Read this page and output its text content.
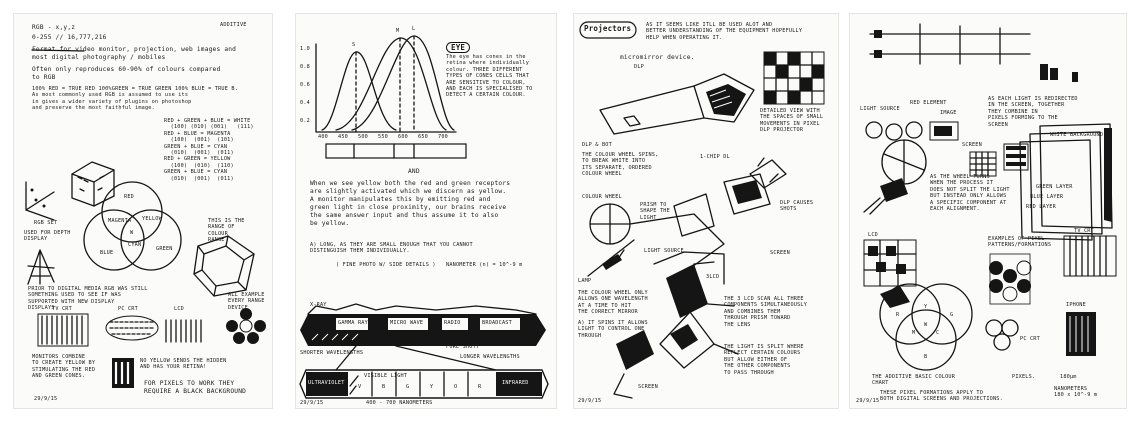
ADDITIVE
RGB - x,y,z
0-255 // 16,777,216
Format for video monitor, projection, web images and
most digital photography / mobiles
Often only reproduces 60-90% of colours compared
to RGB
100% RED = TRUE RED 100%GREEN = TRUE GREEN 100% BLUE = TRUE B.
As most commonly used RGB is assumed to use its
in gives a wider variety of plugins on photoshop
and preserve the most faithful image.
RED + GREEN + BLUE = WHITE
(100) (010) (001)   (111)
RED + BLUE = MAGENTA
(100)  (001)  (101)
GREEN + BLUE = CYAN
(010)  (001)  (011)
RED + GREEN = YELLOW
(100)  (010)  (110)
GREEN + BLUE = CYAN
(010)  (001)  (011)
RGB SET
USED FOR DEPTH
DISPLAY
RED
GREEN
BLUE
YELLOW
MAGENTA
CYAN
W
THIS IS THE
RANGE OF
COLOUR
RANGE
PRIOR TO DIGITAL MEDIA RGB WAS STILL
SOMETHING USED TO SEE IF WAS
SUPPORTED WITH NEW DISPLAY
DISPLAYS
TV CRT	PC CRT	LCD
ALL EXAMPLE
EVERY RANGE
DEVICE
MONITORS COMBINE
TO CREATE YELLOW BY
STIMULATING THE RED
AND GREEN CONES.
NO YELLOW SENDS THE HIDDEN
AND HAS YOUR RETINA!
FOR PIXELS TO WORK THEY
REQUIRE A BLACK BACKGROUND
29/9/15
EYE
The eye has cones in the
retina where individually
colour. THREE DIFFERENT
TYPES OF CONES CELLS THAT
ARE SENSITIVE TO COLOUR,
AND EACH IS SPECIALISED TO
DETECT A CERTAIN COLOUR.
S
M L
1.0
0.8
0.6
0.4
0.2
400 450 500 550 600 650 700
AND
When we see yellow both the red and green receptors
are slightly activated which we discern as yellow.
A monitor manipulates this by emitting red and
green light in close proximity, our brains receive
the same answer input and thus assume it to also
be yellow.
A) LONG, AS THEY ARE SMALL ENOUGH THAT YOU CANNOT
DISTINGUISH THEM INDIVIDUALLY.
( FINE PHOTO W/ SIDE DETAILS ) NANOMETER (n) = 10^-9 m
GAMMA RAY
X-RAY
MICRO WAVE	RADIO	BROADCAST
SHORTER WAVELENGTHS
LONGER WAVELENGTHS
FORE SHOTT
ULTRAVIOLET
VISIBLE LIGHT
INFRARED
V	B	G	Y	O	R
400 - 700 NANOMETERS
29/9/15
Projectors	AS IT SEEMS LIKE ITLL BE USED ALOT AND
BETTER UNDERSTANDING OF THE EQUIPMENT HOPEFULLY
HELP WHEN OPERATING IT.
micromirror device.
DLP
DETAILED VIEW WITH
THE SPACES OF SMALL
MOVEMENTS IN PIXEL
DLP PROJECTOR
DLP & BOT
THE COLOUR WHEEL SPINS,
TO BREAK WHITE INTO
ITS SEPARATE, ORDERED
COLOUR WHEEL
1-CHIP DL
COLOUR WHEEL
PRISM TO
SHAPE THE
LIGHT
LENS
DLP CAUSES
SHOTS
LIGHT SOURCE	SCREEN
LAMP
THE COLOUR WHEEL ONLY
ALLOWS ONE WAVELENGTH
AT A TIME TO HIT
THE CORRECT MIRROR
A) IT SPINS IT ALLOWS
LIGHT TO CONTROL ONE
THROUGH
3LCD
THE 3 LCD SCAN ALL THREE
COMPONENTS SIMULTANEOUSLY
AND COMBINES THEM
THROUGH PRISM TOWARD
THE LENS
THE LIGHT IS SPLIT WHERE
REFLECT CERTAIN COLOURS
BUT ALLOW EITHER OF
THE OTHER COMPONENTS
TO PASS THROUGH
SCREEN
29/9/15
LIGHT SOURCE
RED ELEMENT
IMAGE
SCREEN
AS EACH LIGHT IS REDIRECTED
IN THE SCREEN, TOGETHER
THEY COMBINE IN
PIXELS FORMING TO THE
SCREEN
WHITE BACKGROUND
AS THE WHEEL TURNS
WHEN THE PROCESS IT
DOES NOT SPLIT THE LIGHT
BUT INSTEAD ONLY ALLOWS
A SPECIFIC COMPONENT AT
EACH ALIGNMENT.
GREEN LAYER
BLUE LAYER
RED LAYER
TV CRT
LCD
EXAMPLES OF PIXEL
PATTERNS/FORMATIONS
IPHONE
PC CRT
R	G
B
C
M
Y
W
THE ADDITIVE BASIC COLOUR
CHART
PIXELS.	180μm
THESE PIXEL FORMATIONS APPLY TO
BOTH DIGITAL SCREENS AND PROJECTIONS.
NANOMETERS
180 x 10^-9 m
29/9/15
